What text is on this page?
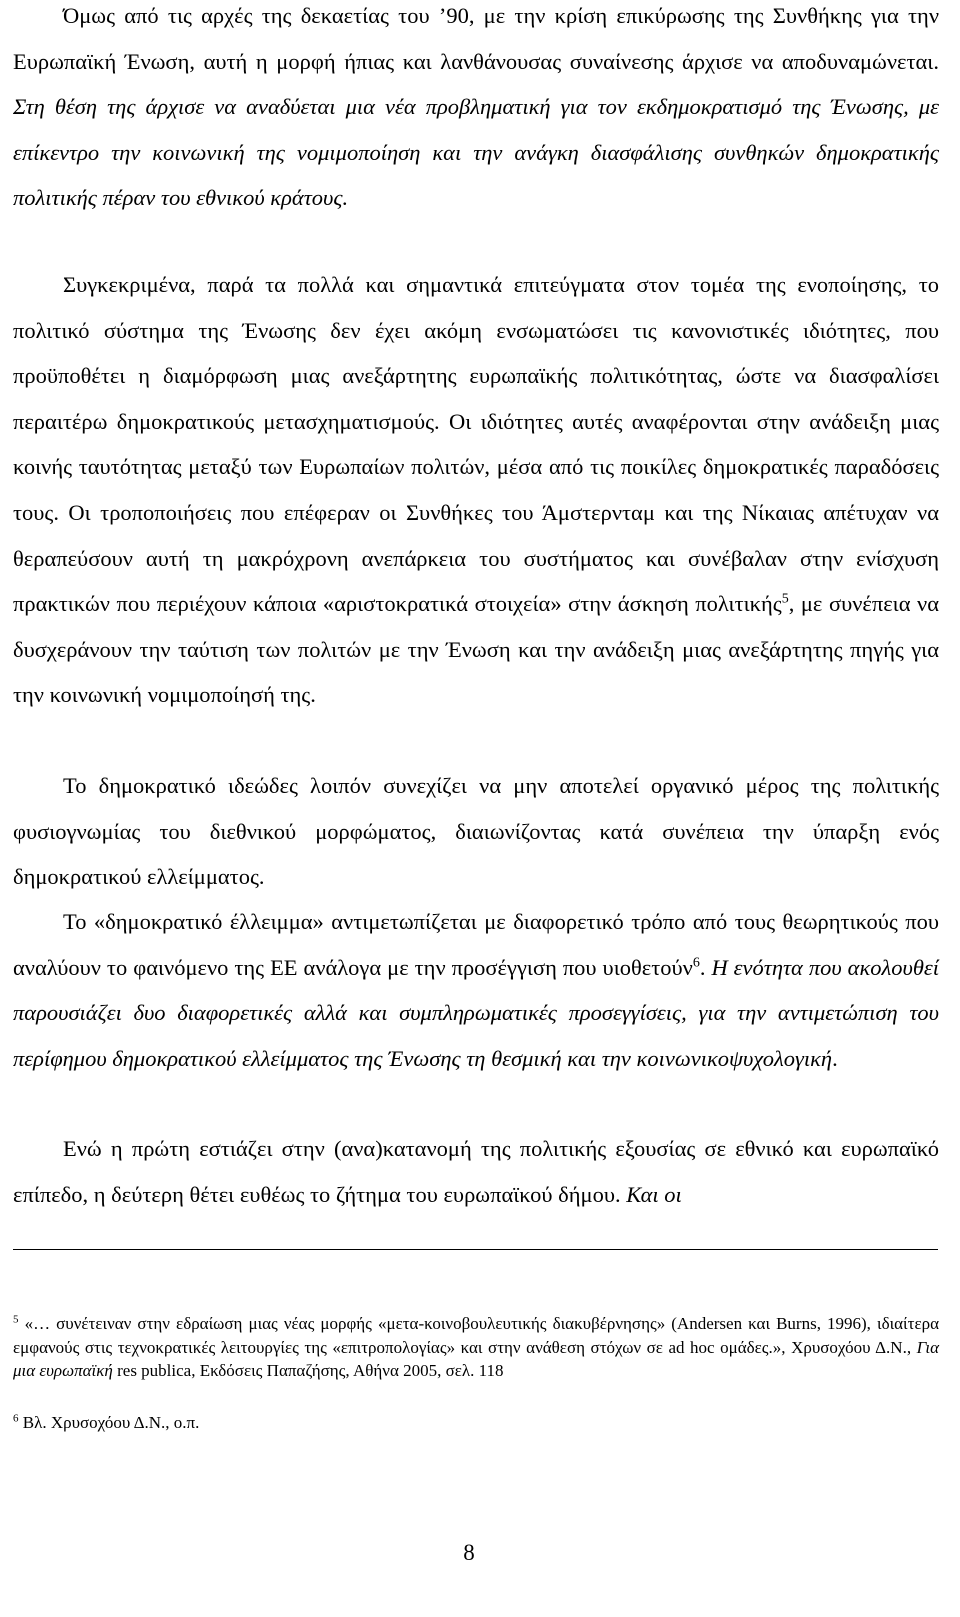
Όμως από τις αρχές της δεκαετίας του ’90, με την κρίση επικύρωσης της Συνθήκης για την Ευρωπαϊκή Ένωση, αυτή η μορφή ήπιας και λανθάνουσας συναίνεσης άρχισε να αποδυναμώνεται. Στη θέση της άρχισε να αναδύεται μια νέα προβληματική για τον εκδημοκρατισμό της Ένωσης, με επίκεντρο την κοινωνική της νομιμοποίηση και την ανάγκη διασφάλισης συνθηκών δημοκρατικής πολιτικής πέραν του εθνικού κράτους.

Συγκεκριμένα, παρά τα πολλά και σημαντικά επιτεύγματα στον τομέα της ενοποίησης, το πολιτικό σύστημα της Ένωσης δεν έχει ακόμη ενσωματώσει τις κανονιστικές ιδιότητες, που προϋποθέτει η διαμόρφωση μιας ανεξάρτητης ευρωπαϊκής πολιτικότητας, ώστε να διασφαλίσει περαιτέρω δημοκρατικούς μετασχηματισμούς. Οι ιδιότητες αυτές αναφέρονται στην ανάδειξη μιας κοινής ταυτότητας μεταξύ των Ευρωπαίων πολιτών, μέσα από τις ποικίλες δημοκρατικές παραδόσεις τους. Οι τροποποιήσεις που επέφεραν οι Συνθήκες του Άμστερνταμ και της Νίκαιας απέτυχαν να θεραπεύσουν αυτή τη μακρόχρονη ανεπάρκεια του συστήματος και συνέβαλαν στην ενίσχυση πρακτικών που περιέχουν κάποια «αριστοκρατικά στοιχεία» στην άσκηση πολιτικής$^5$, με συνέπεια να δυσχεράνουν την ταύτιση των πολιτών με την Ένωση και την ανάδειξη μιας ανεξάρτητης πηγής για την κοινωνική νομιμοποίησή της.

Το δημοκρατικό ιδεώδες λοιπόν συνεχίζει να μην αποτελεί οργανικό μέρος της πολιτικής φυσιογνωμίας του διεθνικού μορφώματος, διαιωνίζοντας κατά συνέπεια την ύπαρξη ενός δημοκρατικού ελλείμματος.

Το «δημοκρατικό έλλειμμα» αντιμετωπίζεται με διαφορετικό τρόπο από τους θεωρητικούς που αναλύουν το φαινόμενο της ΕΕ ανάλογα με την προσέγγιση που υιοθετούν$^6$. Η ενότητα που ακολουθεί παρουσιάζει δυο διαφορετικές αλλά και συμπληρωματικές προσεγγίσεις, για την αντιμετώπιση του περίφημου δημοκρατικού ελλείμματος της Ένωσης τη θεσμική και την κοινωνικοψυχολογική.

Ενώ η πρώτη εστιάζει στην (ανα)κατανομή της πολιτικής εξουσίας σε εθνικό και ευρωπαϊκό επίπεδο, η δεύτερη θέτει ευθέως το ζήτημα του ευρωπαϊκού δήμου. Και οι

$^5$ «… συνέτειναν στην εδραίωση μιας νέας μορφής «μετα-κοινοβουλευτικής διακυβέρνησης» (Andersen και Burns, 1996), ιδιαίτερα εμφανούς στις τεχνοκρατικές λειτουργίες της «επιτροπολογίας» και στην ανάθεση στόχων σε ad hoc ομάδες.», Χρυσοχόου Δ.Ν., Για μια ευρωπαϊκή res publica, Εκδόσεις Παπαζήσης, Αθήνα 2005, σελ. 118

$^6$ Βλ. Χρυσοχόου Δ.Ν., ο.π.

8
